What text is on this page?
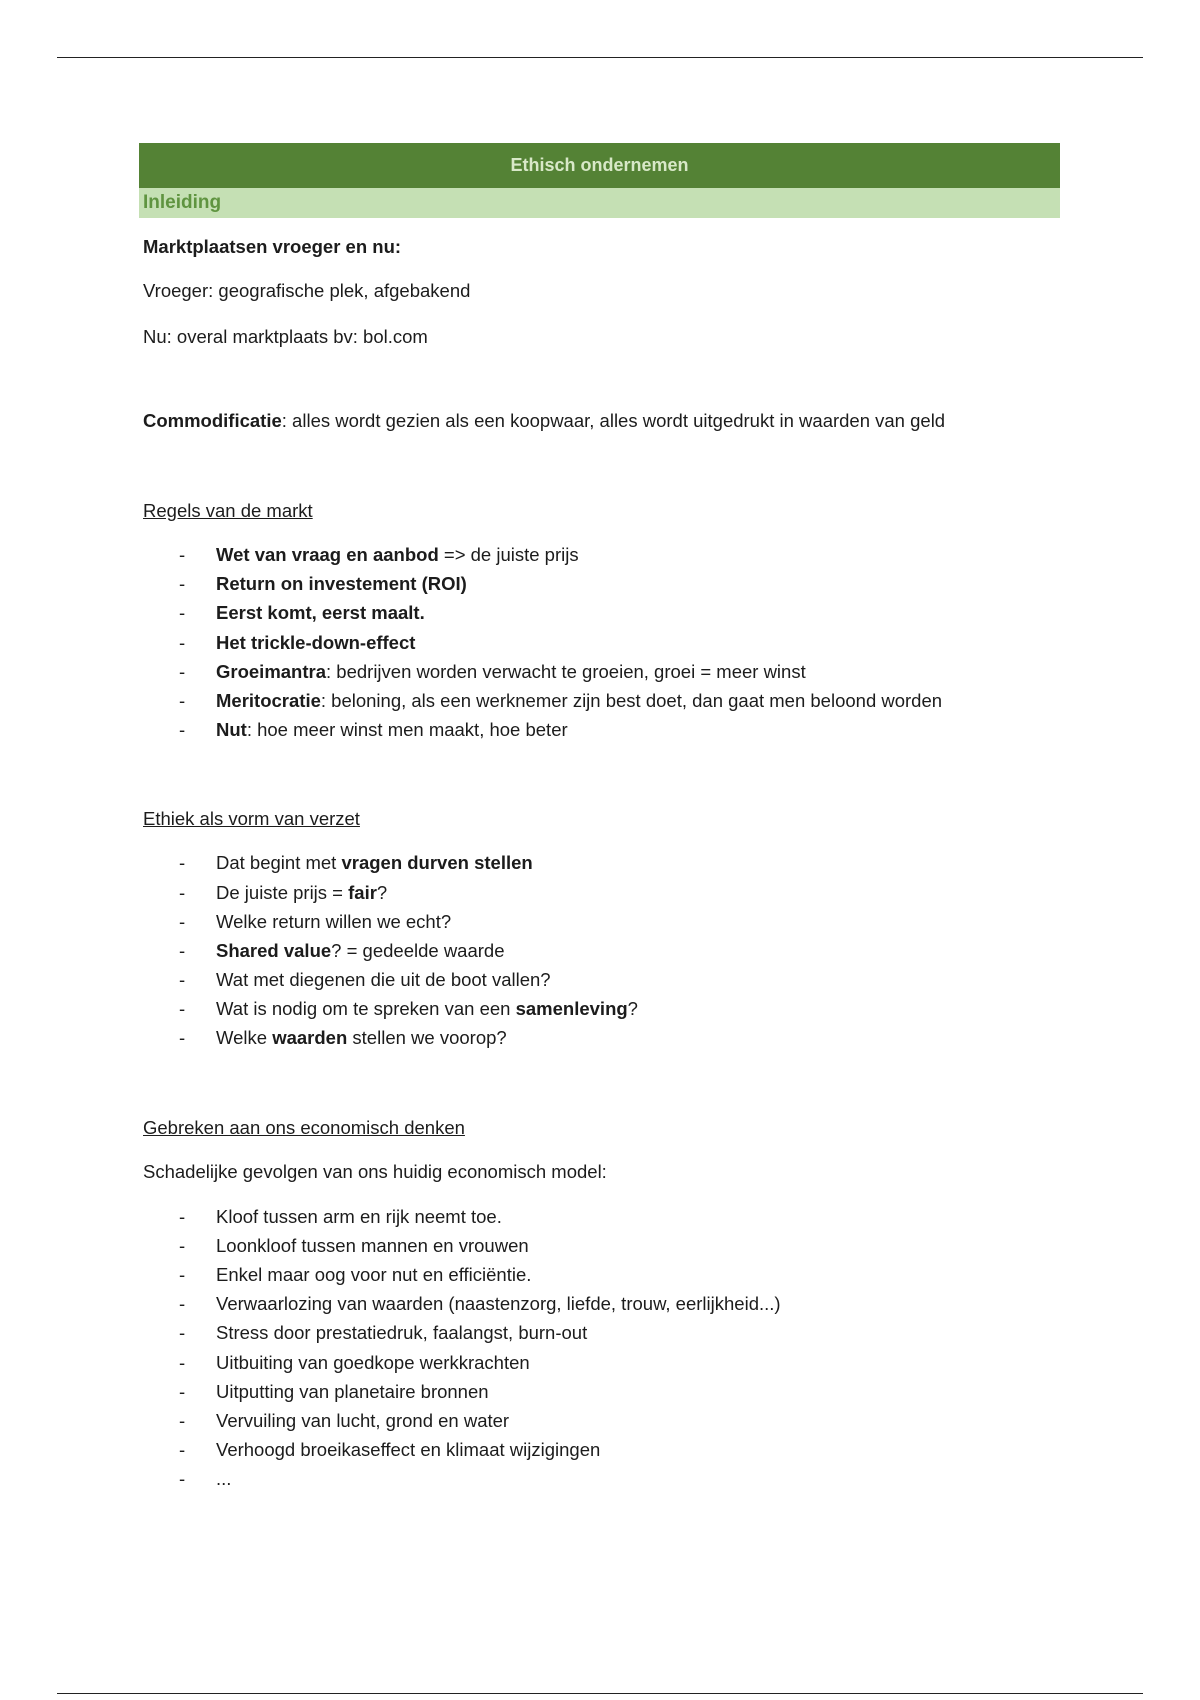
Ethisch ondernemen
Inleiding

Marktplaatsen vroeger en nu:

Vroeger: geografische plek, afgebakend

Nu: overal marktplaats bv: bol.com

Commodificatie: alles wordt gezien als een koopwaar, alles wordt uitgedrukt in waarden van geld

Regels van de markt

- Wet van vraag en aanbod => de juiste prijs
- Return on investement (ROI)
- Eerst komt, eerst maalt.
- Het trickle-down-effect
- Groeimantra: bedrijven worden verwacht te groeien, groei = meer winst
- Meritocratie: beloning, als een werknemer zijn best doet, dan gaat men beloond worden
- Nut: hoe meer winst men maakt, hoe beter

Ethiek als vorm van verzet

- Dat begint met vragen durven stellen
- De juiste prijs = fair?
- Welke return willen we echt?
- Shared value? = gedeelde waarde
- Wat met diegenen die uit de boot vallen?
- Wat is nodig om te spreken van een samenleving?
- Welke waarden stellen we voorop?

Gebreken aan ons economisch denken

Schadelijke gevolgen van ons huidig economisch model:

- Kloof tussen arm en rijk neemt toe.
- Loonkloof tussen mannen en vrouwen
- Enkel maar oog voor nut en efficiëntie.
- Verwaarlozing van waarden (naastenzorg, liefde, trouw, eerlijkheid...)
- Stress door prestatiedruk, faalangst, burn-out
- Uitbuiting van goedkope werkkrachten
- Uitputting van planetaire bronnen
- Vervuiling van lucht, grond en water
- Verhoogd broeikaseffect en klimaat wijzigingen
- ...
